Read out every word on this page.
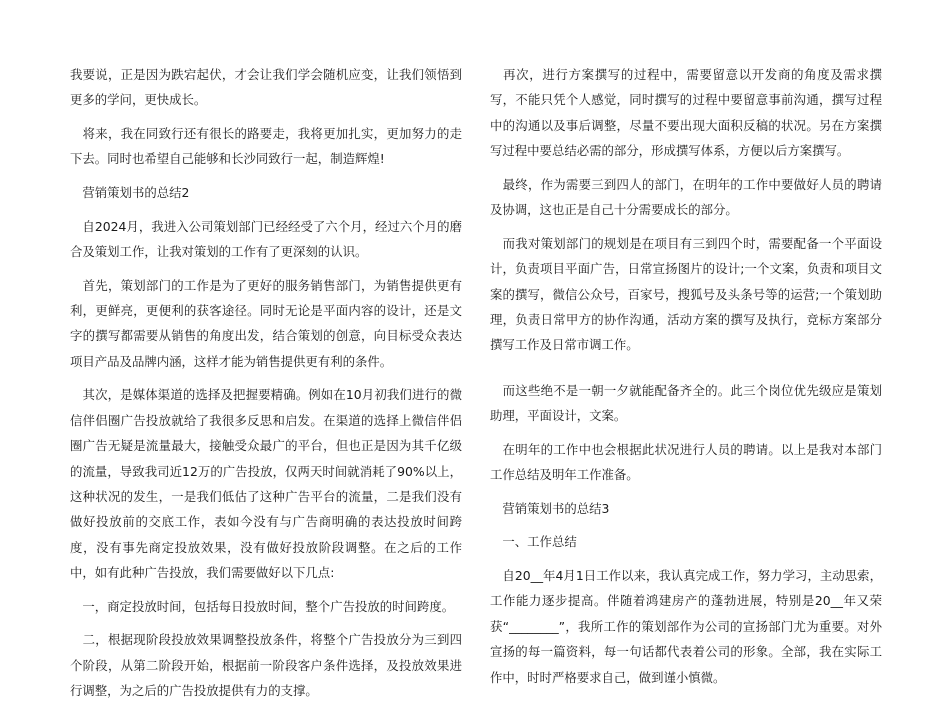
我要说，正是因为跌宕起伏，才会让我们学会随机应变，让我们领悟到更多的学问，更快成长。

　将来，我在同致行还有很长的路要走，我将更加扎实，更加努力的走下去。同时也希望自己能够和长沙同致行一起，制造辉煌!

　营销策划书的总结2

　自2024月，我进入公司策划部门已经经受了六个月，经过六个月的磨合及策划工作，让我对策划的工作有了更深刻的认识。

　首先，策划部门的工作是为了更好的服务销售部门，为销售提供更有利，更鲜亮，更便利的获客途径。同时无论是平面内容的设计，还是文字的撰写都需要从销售的角度出发，结合策划的创意，向目标受众表达项目产品及品牌内涵，这样才能为销售提供更有利的条件。

　其次，是媒体渠道的选择及把握要精确。例如在10月初我们进行的微信伴侣圈广告投放就给了我很多反思和启发。在渠道的选择上微信伴侣圈广告无疑是流量最大，接触受众最广的平台，但也正是因为其千亿级的流量，导致我司近12万的广告投放，仅两天时间就消耗了90%以上，这种状况的发生，一是我们低估了这种广告平台的流量，二是我们没有做好投放前的交底工作，表如今没有与广告商明确的表达投放时间跨度，没有事先商定投放效果，没有做好投放阶段调整。在之后的工作中，如有此种广告投放，我们需要做好以下几点:

　一，商定投放时间，包括每日投放时间，整个广告投放的时间跨度。

　二，根据现阶段投放效果调整投放条件，将整个广告投放分为三到四个阶段，从第二阶段开始，根据前一阶段客户条件选择，及投放效果进行调整，为之后的广告投放提供有力的支撑。

　再次，进行方案撰写的过程中，需要留意以开发商的角度及需求撰写，不能只凭个人感觉，同时撰写的过程中要留意事前沟通，撰写过程中的沟通以及事后调整，尽量不要出现大面积反稿的状况。另在方案撰写过程中要总结必需的部分，形成撰写体系，方便以后方案撰写。

　最终，作为需要三到四人的部门，在明年的工作中要做好人员的聘请及协调，这也正是自己十分需要成长的部分。

　而我对策划部门的规划是在项目有三到四个时，需要配备一个平面设计，负责项目平面广告，日常宣扬图片的设计;一个文案，负责和项目文案的撰写，微信公众号，百家号，搜狐号及头条号等的运营;一个策划助理，负责日常甲方的协作沟通，活动方案的撰写及执行，竞标方案部分撰写工作及日常市调工作。

　而这些绝不是一朝一夕就能配备齐全的。此三个岗位优先级应是策划助理，平面设计，文案。

　在明年的工作中也会根据此状况进行人员的聘请。以上是我对本部门工作总结及明年工作准备。

　营销策划书的总结3

　一、工作总结

　自20__年4月1日工作以来，我认真完成工作，努力学习，主动思索，工作能力逐步提高。伴随着鸿建房产的蓬勃进展，特别是20__年又荣获“________”，我所工作的策划部作为公司的宣扬部门尤为重要。对外宣扬的每一篇资料，每一句话都代表着公司的形象。全部，我在实际工作中，时时严格要求自己，做到谨小慎微。
